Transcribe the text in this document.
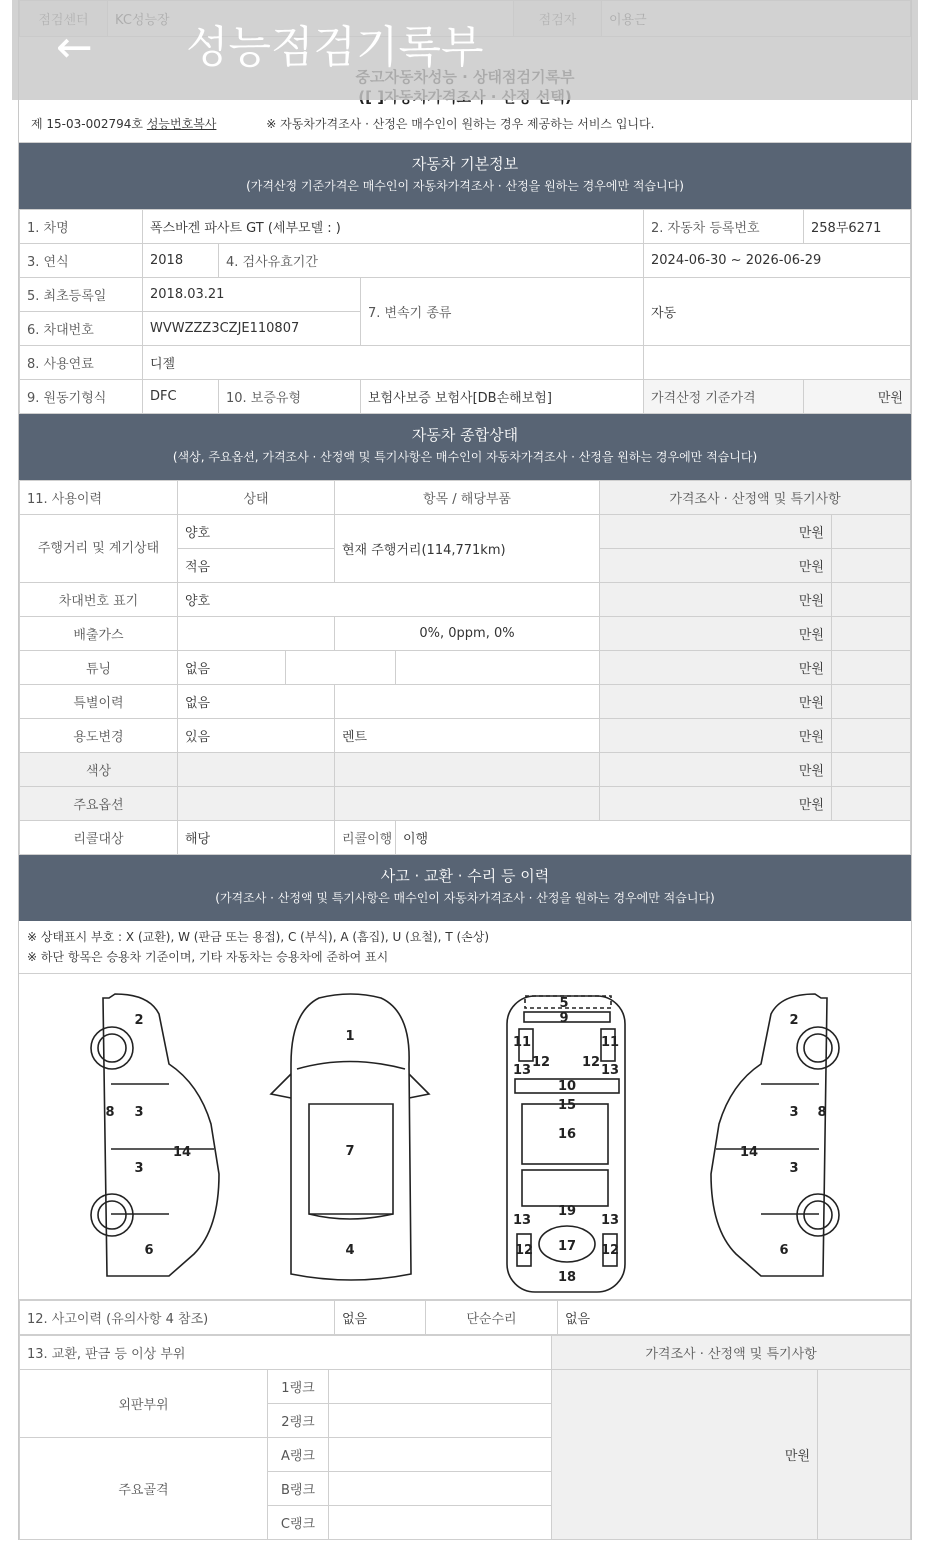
제 15-03-002794호 성능번호복사	※ 자동차가격조사 · 산정은 매수인이 원하는 경우 제공하는 서비스 입니다.
자동차 기본정보
(가격산정 기준가격은 매수인이 자동차가격조사 · 산정을 원하는 경우에만 적습니다)
1. 차명	폭스바겐 파사트 GT (세부모델 : )			2. 자동차 등록번호	258무6271
3. 연식	2018	4. 검사유효기간		2024-06-30 ~ 2026-06-29	
5. 최초등록일	2018.03.21		7. 변속기 종류	자동	
6. 차대번호	WVWZZZ3CZJE110807				
8. 사용연료	디젤				
9. 원동기형식	DFC	10. 보증유형	보험사보증 보험사[DB손해보험]	가격산정 기준가격	만원
자동차 종합상태
(색상, 주요옵션, 가격조사 · 산정액 및 특기사항은 매수인이 자동차가격조사 · 산정을 원하는 경우에만 적습니다)
11. 사용이력	상태		항목 / 해당부품		가격조사 · 산정액 및 특기사항	
주행거리 및 계기상태	양호		현재 주행거리(114,771km)		만원	
	적음				만원	
차대번호 표기	양호				만원	
배출가스			0%, 0ppm, 0%		만원	
튜닝	없음				만원	
특별이력	없음				만원	
용도변경	있음		렌트		만원	
색상					만원	
주요옵션					만원	
리콜대상	해당		리콜이행	이행		
사고 · 교환 · 수리 등 이력
(가격조사 · 산정액 및 특기사항은 매수인이 자동차가격조사 · 산정을 원하는 경우에만 적습니다)
※ 상태표시 부호 : X (교환), W (판금 또는 용접), C (부식), A (흠집), U (요철), T (손상)
※ 하단 항목은 승용차 기준이며, 기타 자동차는 승용차에 준하여 표시
2
3
3
8
14
6
1
7
4
5
9
11	11
12 12
13	13
10
15
16
19
13	13
17
12	12
18
2
3
3
8
14
6
12. 사고이력 (유의사항 4 참조)	없음	단순수리	없음
13. 교환, 판금 등 이상 부위			가격조사 · 산정액 및 특기사항	
외판부위	1랭크		만원	
	2랭크			
주요골격	A랭크			
	B랭크			
	C랭크			
← 성능점검기록부
